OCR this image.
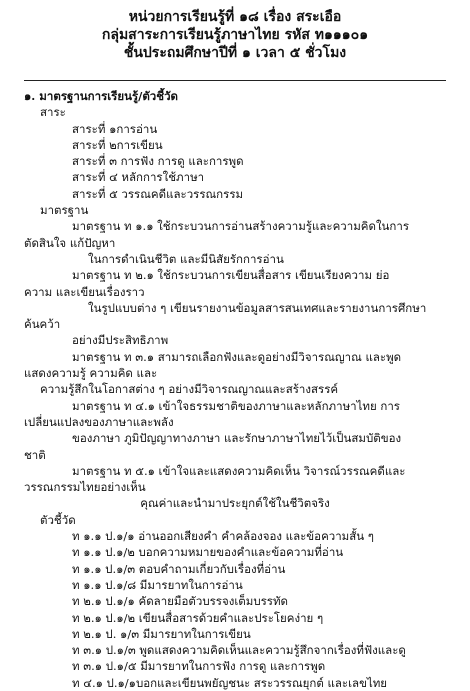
หน่วยการเรียนรู้ที่ ๑๘ เรื่อง สระเอือ
กลุ่มสาระการเรียนรู้ภาษาไทย รหัส ท๑๑๑๐๑
ชั้นประถมศึกษาปีที่ ๑ เวลา ๕ ชั่วโมง
๑. มาตรฐานการเรียนรู้/ตัวชี้วัด
สาระ
สาระที่ ๑การอ่าน
สาระที่ ๒การเขียน
สาระที่ ๓ การฟัง การดู และการพูด
สาระที่ ๔ หลักการใช้ภาษา
สาระที่ ๕ วรรณคดีและวรรณกรรม
มาตรฐาน
มาตรฐาน ท ๑.๑ ใช้กระบวนการอ่านสร้างความรู้และความคิดในการ
ตัดสินใจ แก้ปัญหา
ในการดำเนินชีวิต และมีนิสัยรักการอ่าน
มาตรฐาน ท ๒.๑ ใช้กระบวนการเขียนสื่อสาร เขียนเรียงความ ย่อ
ความ และเขียนเรื่องราว
ในรูปแบบต่าง ๆ เขียนรายงานข้อมูลสารสนเทศและรายงานการศึกษา
ค้นคว้า
อย่างมีประสิทธิภาพ
มาตรฐาน ท ๓.๑ สามารถเลือกฟังและดูอย่างมีวิจารณญาณ และพูด
แสดงความรู้ ความคิด และ
ความรู้สึกในโอกาสต่าง ๆ อย่างมีวิจารณญาณและสร้างสรรค์
มาตรฐาน ท ๔.๑ เข้าใจธรรมชาติของภาษาและหลักภาษาไทย การ
เปลี่ยนแปลงของภาษาและพลัง
ของภาษา ภูมิปัญญาทางภาษา และรักษาภาษาไทยไว้เป็นสมบัติของ
ชาติ
มาตรฐาน ท ๕.๑ เข้าใจและแสดงความคิดเห็น วิจารณ์วรรณคดีและ
วรรณกรรมไทยอย่างเห็น
คุณค่าและนำมาประยุกต์ใช้ในชีวิตจริง
ตัวชี้วัด
ท ๑.๑ ป.๑/๑ อ่านออกเสียงคำ คำคล้องจอง และข้อความสั้น ๆ
ท ๑.๑ ป.๑/๒ บอกความหมายของคำและข้อความที่อ่าน
ท ๑.๑ ป.๑/๓ ตอบคำถามเกี่ยวกับเรื่องที่อ่าน
ท ๑.๑ ป.๑/๘ มีมารยาทในการอ่าน
ท ๒.๑ ป.๑/๑ คัดลายมือตัวบรรจงเต็มบรรทัด
ท ๒.๑ ป.๑/๒ เขียนสื่อสารด้วยคำและประโยคง่าย ๆ
ท ๒.๑ ป. ๑/๓ มีมารยาทในการเขียน
ท ๓.๑ ป.๑/๓ พูดแสดงความคิดเห็นและความรู้สึกจากเรื่องที่ฟังและดู
ท ๓.๑ ป.๑/๕ มีมารยาทในการฟัง การดู และการพูด
ท ๔.๑ ป.๑/๑บอกและเขียนพยัญชนะ สระวรรณยุกต์ และเลขไทย
